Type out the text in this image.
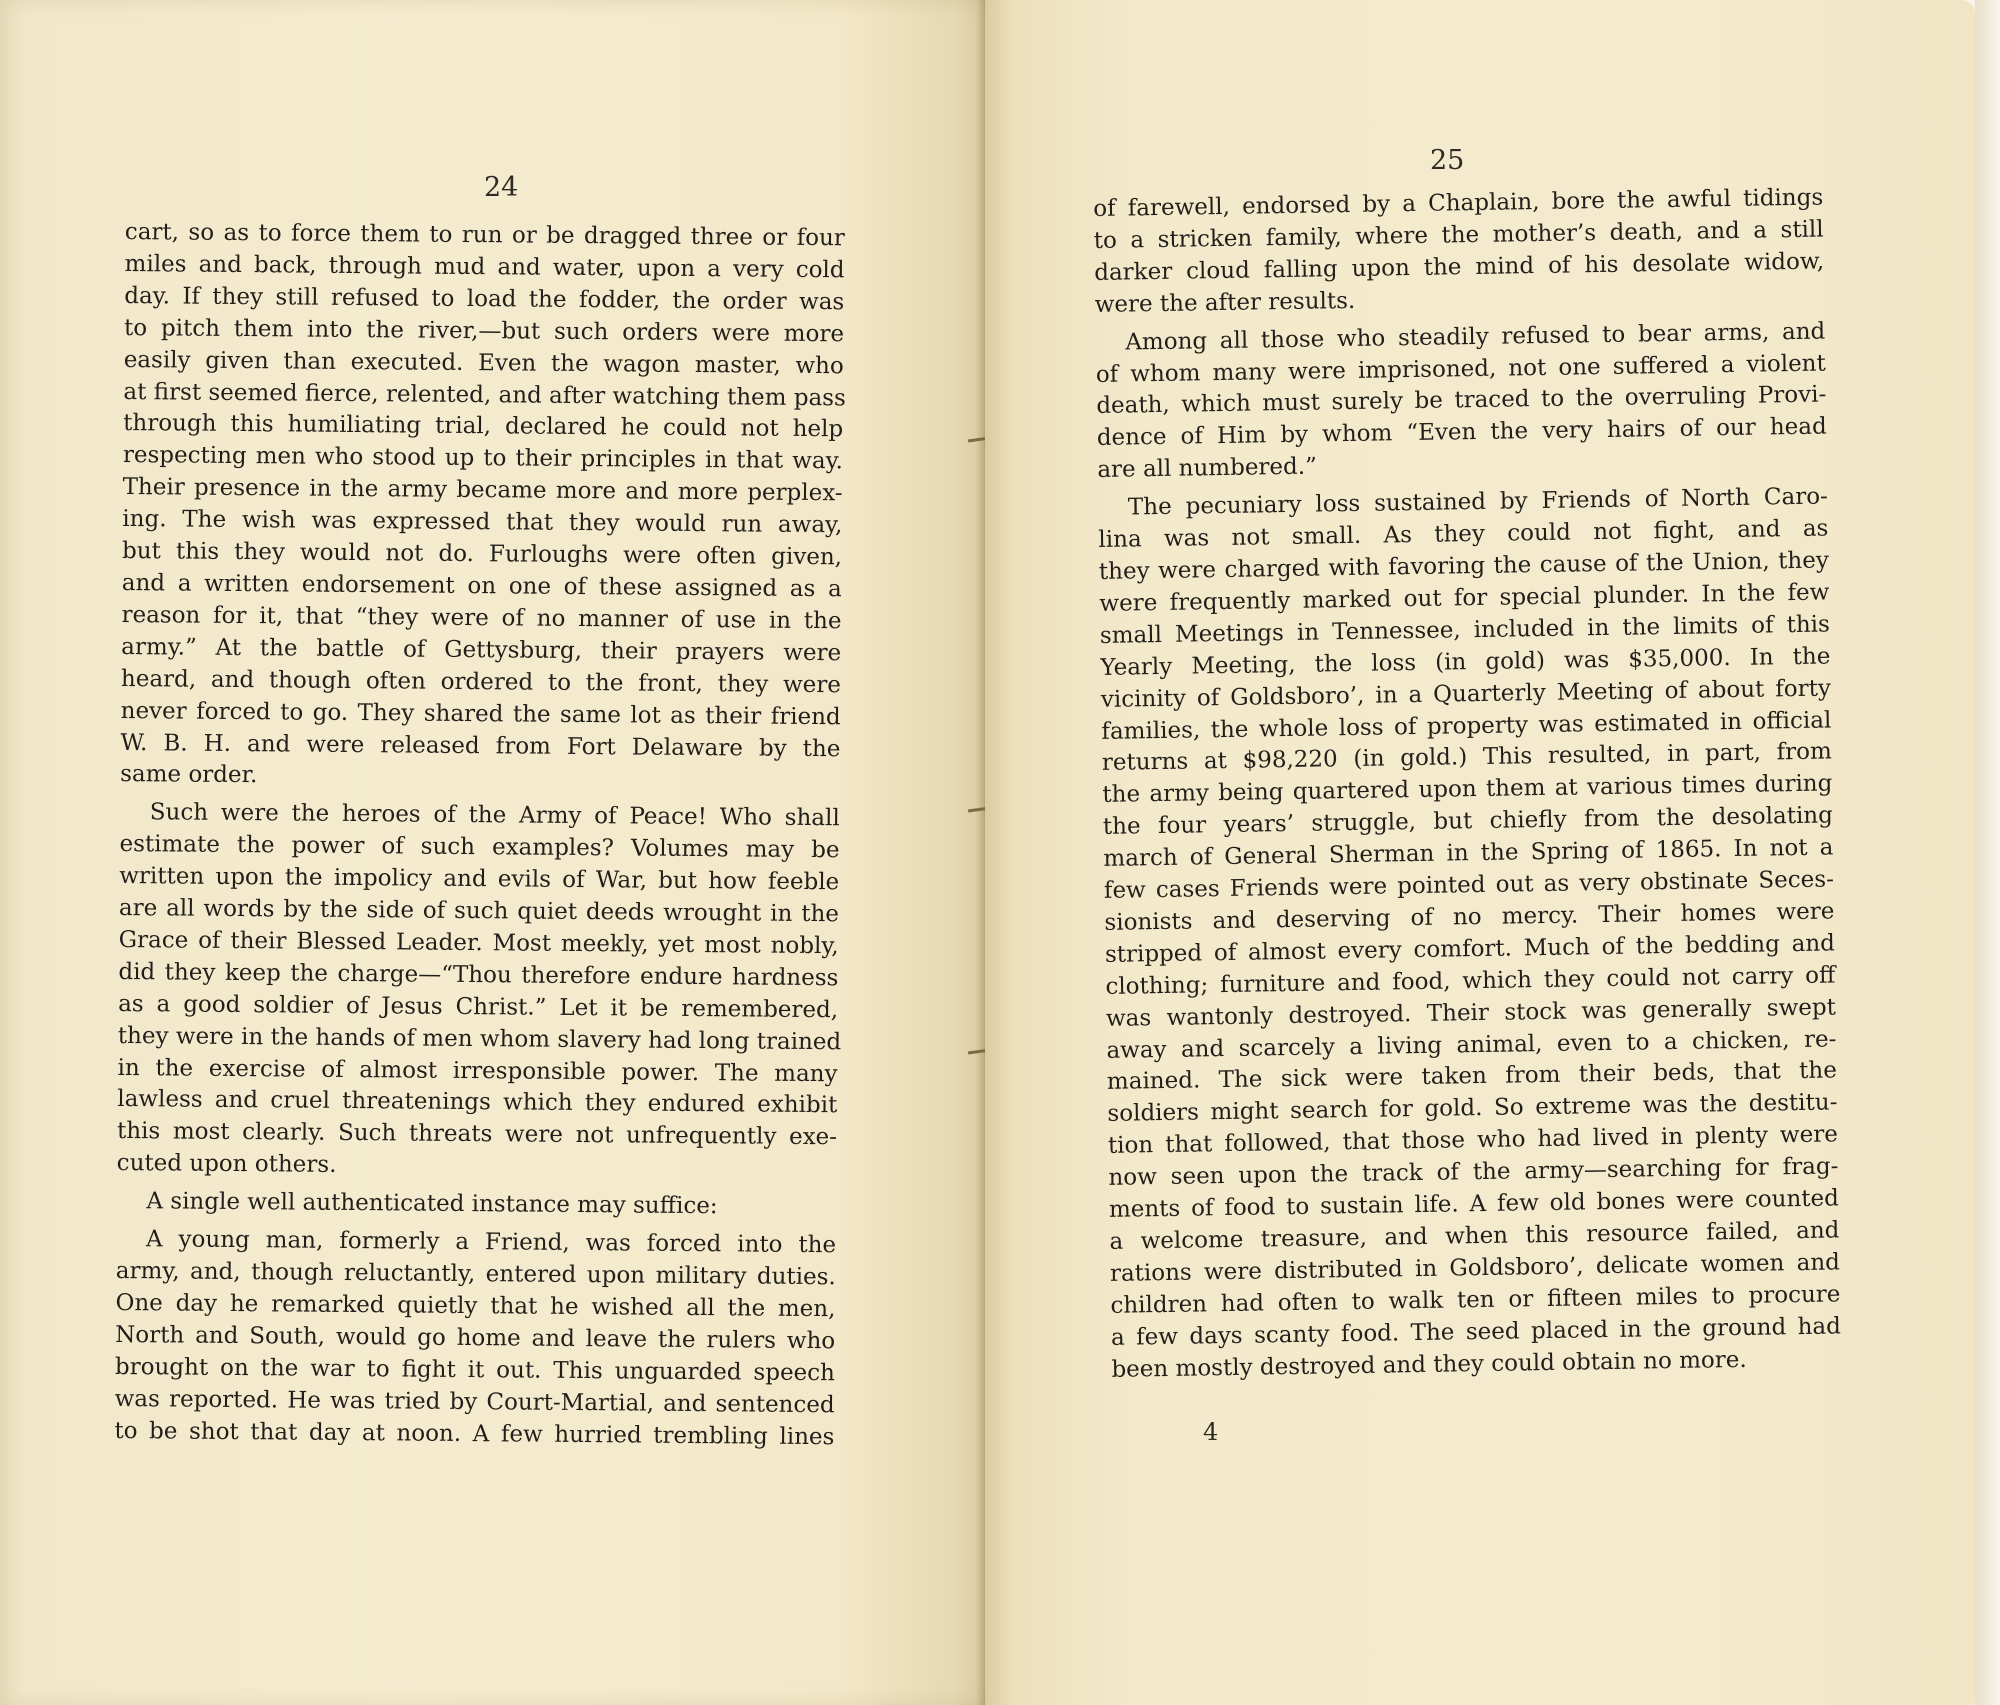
24
cart, so as to force them to run or be dragged three or four
miles and back, through mud and water, upon a very cold
day. If they still refused to load the fodder, the order was
to pitch them into the river,—but such orders were more
easily given than executed. Even the wagon master, who
at first seemed fierce, relented, and after watching them pass
through this humiliating trial, declared he could not help
respecting men who stood up to their principles in that way.
Their presence in the army became more and more perplex-
ing. The wish was expressed that they would run away,
but this they would not do. Furloughs were often given,
and a written endorsement on one of these assigned as a
reason for it, that “they were of no manner of use in the
army.” At the battle of Gettysburg, their prayers were
heard, and though often ordered to the front, they were
never forced to go. They shared the same lot as their friend
W. B. H. and were released from Fort Delaware by the
same order.
Such were the heroes of the Army of Peace! Who shall
estimate the power of such examples? Volumes may be
written upon the impolicy and evils of War, but how feeble
are all words by the side of such quiet deeds wrought in the
Grace of their Blessed Leader. Most meekly, yet most nobly,
did they keep the charge—“Thou therefore endure hardness
as a good soldier of Jesus Christ.” Let it be remembered,
they were in the hands of men whom slavery had long trained
in the exercise of almost irresponsible power. The many
lawless and cruel threatenings which they endured exhibit
this most clearly. Such threats were not unfrequently exe-
cuted upon others.
A single well authenticated instance may suffice:
A young man, formerly a Friend, was forced into the
army, and, though reluctantly, entered upon military duties.
One day he remarked quietly that he wished all the men,
North and South, would go home and leave the rulers who
brought on the war to fight it out. This unguarded speech
was reported. He was tried by Court-Martial, and sentenced
to be shot that day at noon. A few hurried trembling lines
25
of farewell, endorsed by a Chaplain, bore the awful tidings
to a stricken family, where the mother’s death, and a still
darker cloud falling upon the mind of his desolate widow,
were the after results.
Among all those who steadily refused to bear arms, and
of whom many were imprisoned, not one suffered a violent
death, which must surely be traced to the overruling Provi-
dence of Him by whom “Even the very hairs of our head
are all numbered.”
The pecuniary loss sustained by Friends of North Caro-
lina was not small. As they could not fight, and as
they were charged with favoring the cause of the Union, they
were frequently marked out for special plunder. In the few
small Meetings in Tennessee, included in the limits of this
Yearly Meeting, the loss (in gold) was $35,000. In the
vicinity of Goldsboro’, in a Quarterly Meeting of about forty
families, the whole loss of property was estimated in official
returns at $98,220 (in gold.) This resulted, in part, from
the army being quartered upon them at various times during
the four years’ struggle, but chiefly from the desolating
march of General Sherman in the Spring of 1865. In not a
few cases Friends were pointed out as very obstinate Seces-
sionists and deserving of no mercy. Their homes were
stripped of almost every comfort. Much of the bedding and
clothing; furniture and food, which they could not carry off
was wantonly destroyed. Their stock was generally swept
away and scarcely a living animal, even to a chicken, re-
mained. The sick were taken from their beds, that the
soldiers might search for gold. So extreme was the destitu-
tion that followed, that those who had lived in plenty were
now seen upon the track of the army—searching for frag-
ments of food to sustain life. A few old bones were counted
a welcome treasure, and when this resource failed, and
rations were distributed in Goldsboro’, delicate women and
children had often to walk ten or fifteen miles to procure
a few days scanty food. The seed placed in the ground had
been mostly destroyed and they could obtain no more.
4
